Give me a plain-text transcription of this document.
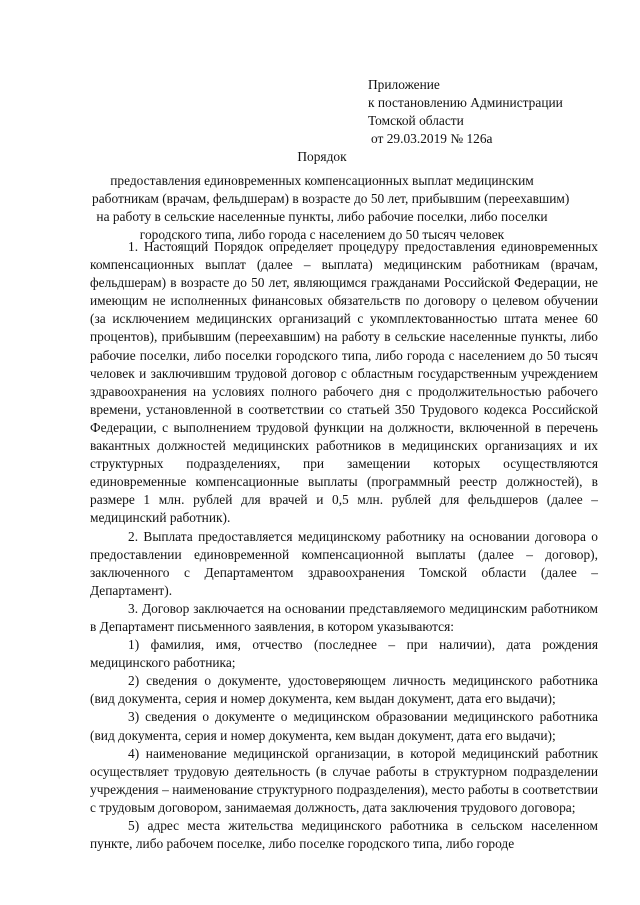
Приложение
к постановлению Администрации
Томской области
от 29.03.2019 № 126а
Порядок
предоставления единовременных компенсационных выплат медицинским
работникам (врачам, фельдшерам) в возрасте до 50 лет, прибывшим (переехавшим)
на работу в сельские населенные пункты, либо рабочие поселки, либо поселки
городского типа, либо города с населением до 50 тысяч человек

1. Настоящий Порядок определяет процедуру предоставления единовременных компенсационных выплат (далее – выплата) медицинским работникам (врачам, фельдшерам) в возрасте до 50 лет, являющимся гражданами Российской Федерации, не имеющим не исполненных финансовых обязательств по договору о целевом обучении (за исключением медицинских организаций с укомплектованностью штата менее 60 процентов), прибывшим (переехавшим) на работу в сельские населенные пункты, либо рабочие поселки, либо поселки городского типа, либо города с населением до 50 тысяч человек и заключившим трудовой договор с областным государственным учреждением здравоохранения на условиях полного рабочего дня с продолжительностью рабочего времени, установленной в соответствии со статьей 350 Трудового кодекса Российской Федерации, с выполнением трудовой функции на должности, включенной в перечень вакантных должностей медицинских работников в медицинских организациях и их структурных подразделениях, при замещении которых осуществляются единовременные компенсационные выплаты (программный реестр должностей), в размере 1 млн. рублей для врачей и 0,5 млн. рублей для фельдшеров (далее – медицинский работник).

2. Выплата предоставляется медицинскому работнику на основании договора о предоставлении единовременной компенсационной выплаты (далее – договор), заключенного с Департаментом здравоохранения Томской области (далее – Департамент).

3. Договор заключается на основании представляемого медицинским работником в Департамент письменного заявления, в котором указываются:

1) фамилия, имя, отчество (последнее – при наличии), дата рождения медицинского работника;

2) сведения о документе, удостоверяющем личность медицинского работника (вид документа, серия и номер документа, кем выдан документ, дата его выдачи);

3) сведения о документе о медицинском образовании медицинского работника (вид документа, серия и номер документа, кем выдан документ, дата его выдачи);

4) наименование медицинской организации, в которой медицинский работник осуществляет трудовую деятельность (в случае работы в структурном подразделении учреждения – наименование структурного подразделения), место работы в соответствии с трудовым договором, занимаемая должность, дата заключения трудового договора;

5) адрес места жительства медицинского работника в сельском населенном пункте, либо рабочем поселке, либо поселке городского типа, либо городе
